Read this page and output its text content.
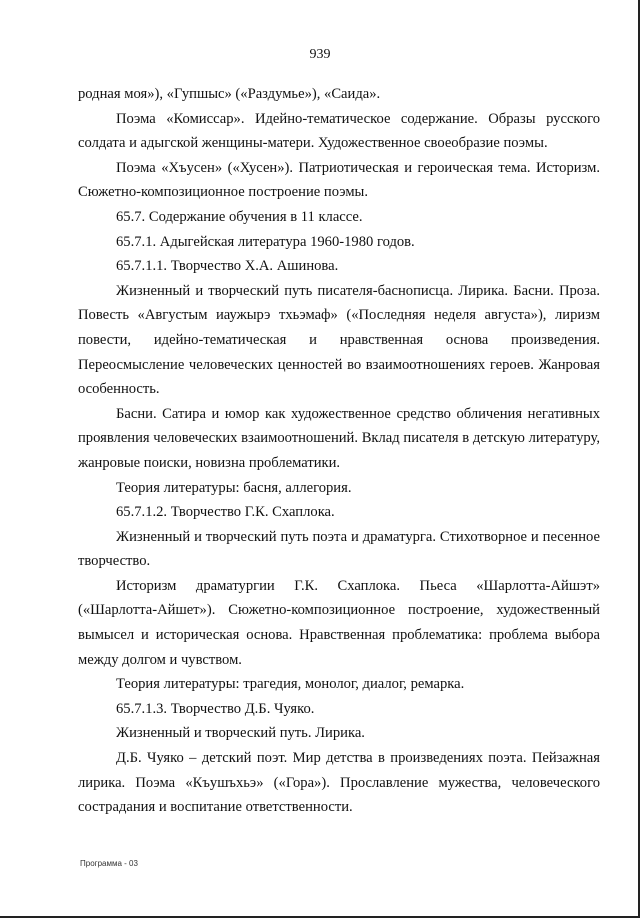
939

родная моя»), «Гупшыс» («Раздумье»), «Саида».

Поэма «Комиссар». Идейно-тематическое содержание. Образы русского солдата и адыгской женщины-матери. Художественное своеобразие поэмы.

Поэма «Хъусен» («Хусен»). Патриотическая и героическая тема. Историзм. Сюжетно-композиционное построение поэмы.

65.7. Содержание обучения в 11 классе.

65.7.1. Адыгейская литература 1960-1980 годов.

65.7.1.1. Творчество Х.А. Ашинова.

Жизненный и творческий путь писателя-баснописца. Лирика. Басни. Проза. Повесть «Августым иаужырэ тхьэмаф» («Последняя неделя августа»), лиризм повести, идейно-тематическая и нравственная основа произведения. Переосмысление человеческих ценностей во взаимоотношениях героев. Жанровая особенность.

Басни. Сатира и юмор как художественное средство обличения негативных проявления человеческих взаимоотношений. Вклад писателя в детскую литературу, жанровые поиски, новизна проблематики.

Теория литературы: басня, аллегория.

65.7.1.2. Творчество Г.К. Схаплока.

Жизненный и творческий путь поэта и драматурга. Стихотворное и песенное творчество.

Историзм драматургии Г.К. Схаплока. Пьеса «Шарлотта-Айшэт» («Шарлотта-Айшет»). Сюжетно-композиционное построение, художественный вымысел и историческая основа. Нравственная проблематика: проблема выбора между долгом и чувством.

Теория литературы: трагедия, монолог, диалог, ремарка.

65.7.1.3. Творчество Д.Б. Чуяко.

Жизненный и творческий путь. Лирика.

Д.Б. Чуяко – детский поэт. Мир детства в произведениях поэта. Пейзажная лирика. Поэма «Къушъхьэ» («Гора»). Прославление мужества, человеческого сострадания и воспитание ответственности.

Программа - 03
